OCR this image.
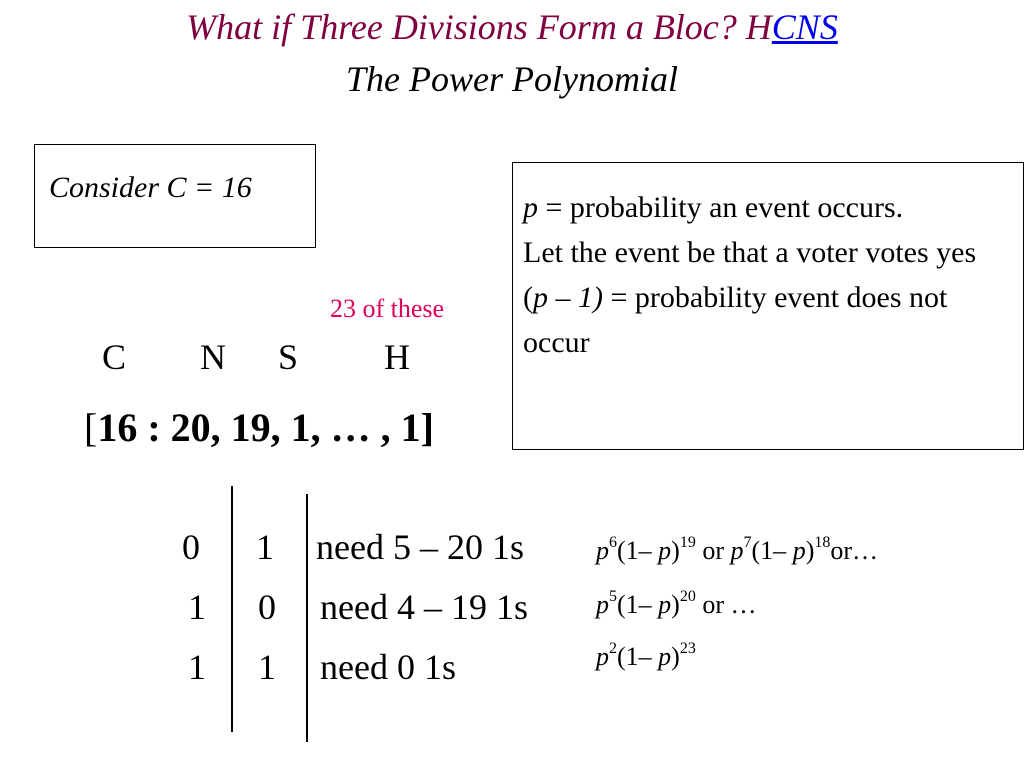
What if Three Divisions Form a Bloc? HCNS
The Power Polynomial
Consider C = 16
p = probability an event occurs.
Let the event be that a voter votes yes
(p – 1) = probability event does not occur
23 of these
C N S H
[16 : 20, 19, 1, … , 1]
0 1 need 5 – 20 1s	$p^6(1-$ p)$^{19}$ or $p^7(1-$ p)$^{18}$or…
1 0 need 4 – 19 1s	$p^5(1-$ p)$^{20}$ or …
1 1 need 0 1s	$p^2(1-$ p)$^{23}$
